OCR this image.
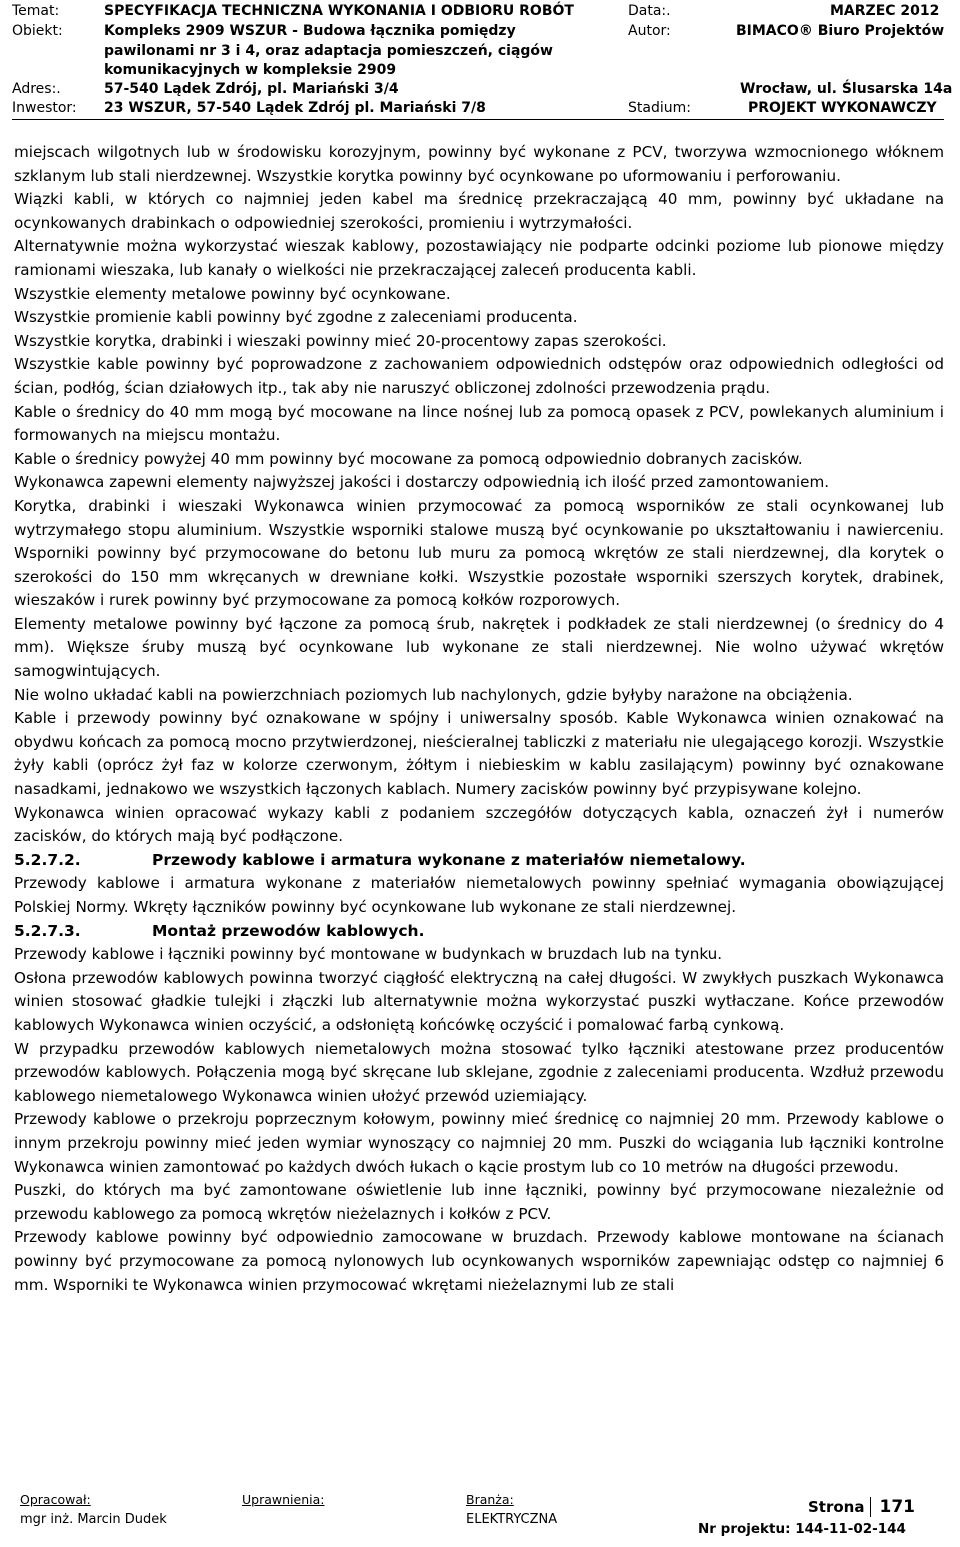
Temat:	SPECYFIKACJA TECHNICZNA WYKONANIA I ODBIORU ROBÓT
Obiekt:	Kompleks 2909 WSZUR - Budowa łącznika pomiędzy
pawilonami nr 3 i 4, oraz adaptacja pomieszczeń, ciągów
komunikacyjnych w kompleksie 2909
Adres:.	57-540 Lądek Zdrój, pl. Mariański 3/4
Inwestor: 23 WSZUR, 57-540 Lądek Zdrój pl. Mariański 7/8
Data:.	MARZEC 2012
Autor:	BIMACO® Biuro Projektów
Wrocław, ul. Ślusarska 14a
Stadium:	PROJEKT WYKONAWCZY

miejscach wilgotnych lub w środowisku korozyjnym, powinny być wykonane z PCV, tworzywa wzmocnionego włóknem szklanym lub stali nierdzewnej. Wszystkie korytka powinny być ocynkowane po uformowaniu i perforowaniu.

Wiązki kabli, w których co najmniej jeden kabel ma średnicę przekraczającą 40 mm, powinny być układane na ocynkowanych drabinkach o odpowiedniej szerokości, promieniu i wytrzymałości.

Alternatywnie można wykorzystać wieszak kablowy, pozostawiający nie podparte odcinki poziome lub pionowe między ramionami wieszaka, lub kanały o wielkości nie przekraczającej zaleceń producenta kabli.

Wszystkie elementy metalowe powinny być ocynkowane.

Wszystkie promienie kabli powinny być zgodne z zaleceniami producenta.

Wszystkie korytka, drabinki i wieszaki powinny mieć 20-procentowy zapas szerokości.

Wszystkie kable powinny być poprowadzone z zachowaniem odpowiednich odstępów oraz odpowiednich odległości od ścian, podłóg, ścian działowych itp., tak aby nie naruszyć obliczonej zdolności przewodzenia prądu.

Kable o średnicy do 40 mm mogą być mocowane na lince nośnej lub za pomocą opasek z PCV, powlekanych aluminium i formowanych na miejscu montażu.

Kable o średnicy powyżej 40 mm powinny być mocowane za pomocą odpowiednio dobranych zacisków.

Wykonawca zapewni elementy najwyższej jakości i dostarczy odpowiednią ich ilość przed zamontowaniem.

Korytka, drabinki i wieszaki Wykonawca winien przymocować za pomocą wsporników ze stali ocynkowanej lub wytrzymałego stopu aluminium. Wszystkie wsporniki stalowe muszą być ocynkowanie po ukształtowaniu i nawierceniu. Wsporniki powinny być przymocowane do betonu lub muru za pomocą wkrętów ze stali nierdzewnej, dla korytek o szerokości do 150 mm wkręcanych w drewniane kołki. Wszystkie pozostałe wsporniki szerszych korytek, drabinek, wieszaków i rurek powinny być przymocowane za pomocą kołków rozporowych.

Elementy metalowe powinny być łączone za pomocą śrub, nakrętek i podkładek ze stali nierdzewnej (o średnicy do 4 mm). Większe śruby muszą być ocynkowane lub wykonane ze stali nierdzewnej. Nie wolno używać wkrętów samogwintujących.

Nie wolno układać kabli na powierzchniach poziomych lub nachylonych, gdzie byłyby narażone na obciążenia.

Kable i przewody powinny być oznakowane w spójny i uniwersalny sposób. Kable Wykonawca winien oznakować na obydwu końcach za pomocą mocno przytwierdzonej, nieścieralnej tabliczki z materiału nie ulegającego korozji. Wszystkie żyły kabli (oprócz żył faz w kolorze czerwonym, żółtym i niebieskim w kablu zasilającym) powinny być oznakowane nasadkami, jednakowo we wszystkich łączonych kablach. Numery zacisków powinny być przypisywane kolejno.

Wykonawca winien opracować wykazy kabli z podaniem szczegółów dotyczących kabla, oznaczeń żył i numerów zacisków, do których mają być podłączone.

5.2.7.2.	Przewody kablowe i armatura wykonane z materiałów niemetalowy.

Przewody kablowe i armatura wykonane z materiałów niemetalowych powinny spełniać wymagania obowiązującej Polskiej Normy. Wkręty łączników powinny być ocynkowane lub wykonane ze stali nierdzewnej.

5.2.7.3.	Montaż przewodów kablowych.

Przewody kablowe i łączniki powinny być montowane w budynkach w bruzdach lub na tynku.

Osłona przewodów kablowych powinna tworzyć ciągłość elektryczną na całej długości. W zwykłych puszkach Wykonawca winien stosować gładkie tulejki i złączki lub alternatywnie można wykorzystać puszki wytłaczane. Końce przewodów kablowych Wykonawca winien oczyścić, a odsłoniętą końcówkę oczyścić i pomalować farbą cynkową.

W przypadku przewodów kablowych niemetalowych można stosować tylko łączniki atestowane przez producentów przewodów kablowych. Połączenia mogą być skręcane lub sklejane, zgodnie z zaleceniami producenta. Wzdłuż przewodu kablowego niemetalowego Wykonawca winien ułożyć przewód uziemiający.

Przewody kablowe o przekroju poprzecznym kołowym, powinny mieć średnicę co najmniej 20 mm. Przewody kablowe o innym przekroju powinny mieć jeden wymiar wynoszący co najmniej 20 mm. Puszki do wciągania lub łączniki kontrolne Wykonawca winien zamontować po każdych dwóch łukach o kącie prostym lub co 10 metrów na długości przewodu.

Puszki, do których ma być zamontowane oświetlenie lub inne łączniki, powinny być przymocowane niezależnie od przewodu kablowego za pomocą wkrętów nieżelaznych i kołków z PCV.

Przewody kablowe powinny być odpowiednio zamocowane w bruzdach. Przewody kablowe montowane na ścianach powinny być przymocowane za pomocą nylonowych lub ocynkowanych wsporników zapewniając odstęp co najmniej 6 mm. Wsporniki te Wykonawca winien przymocować wkrętami nieżelaznymi lub ze stali

Opracował:
mgr inż. Marcin Dudek
Uprawnienia:	Branża:
ELEKTRYCZNA
Strona 171
Nr projektu: 144-11-02-144
